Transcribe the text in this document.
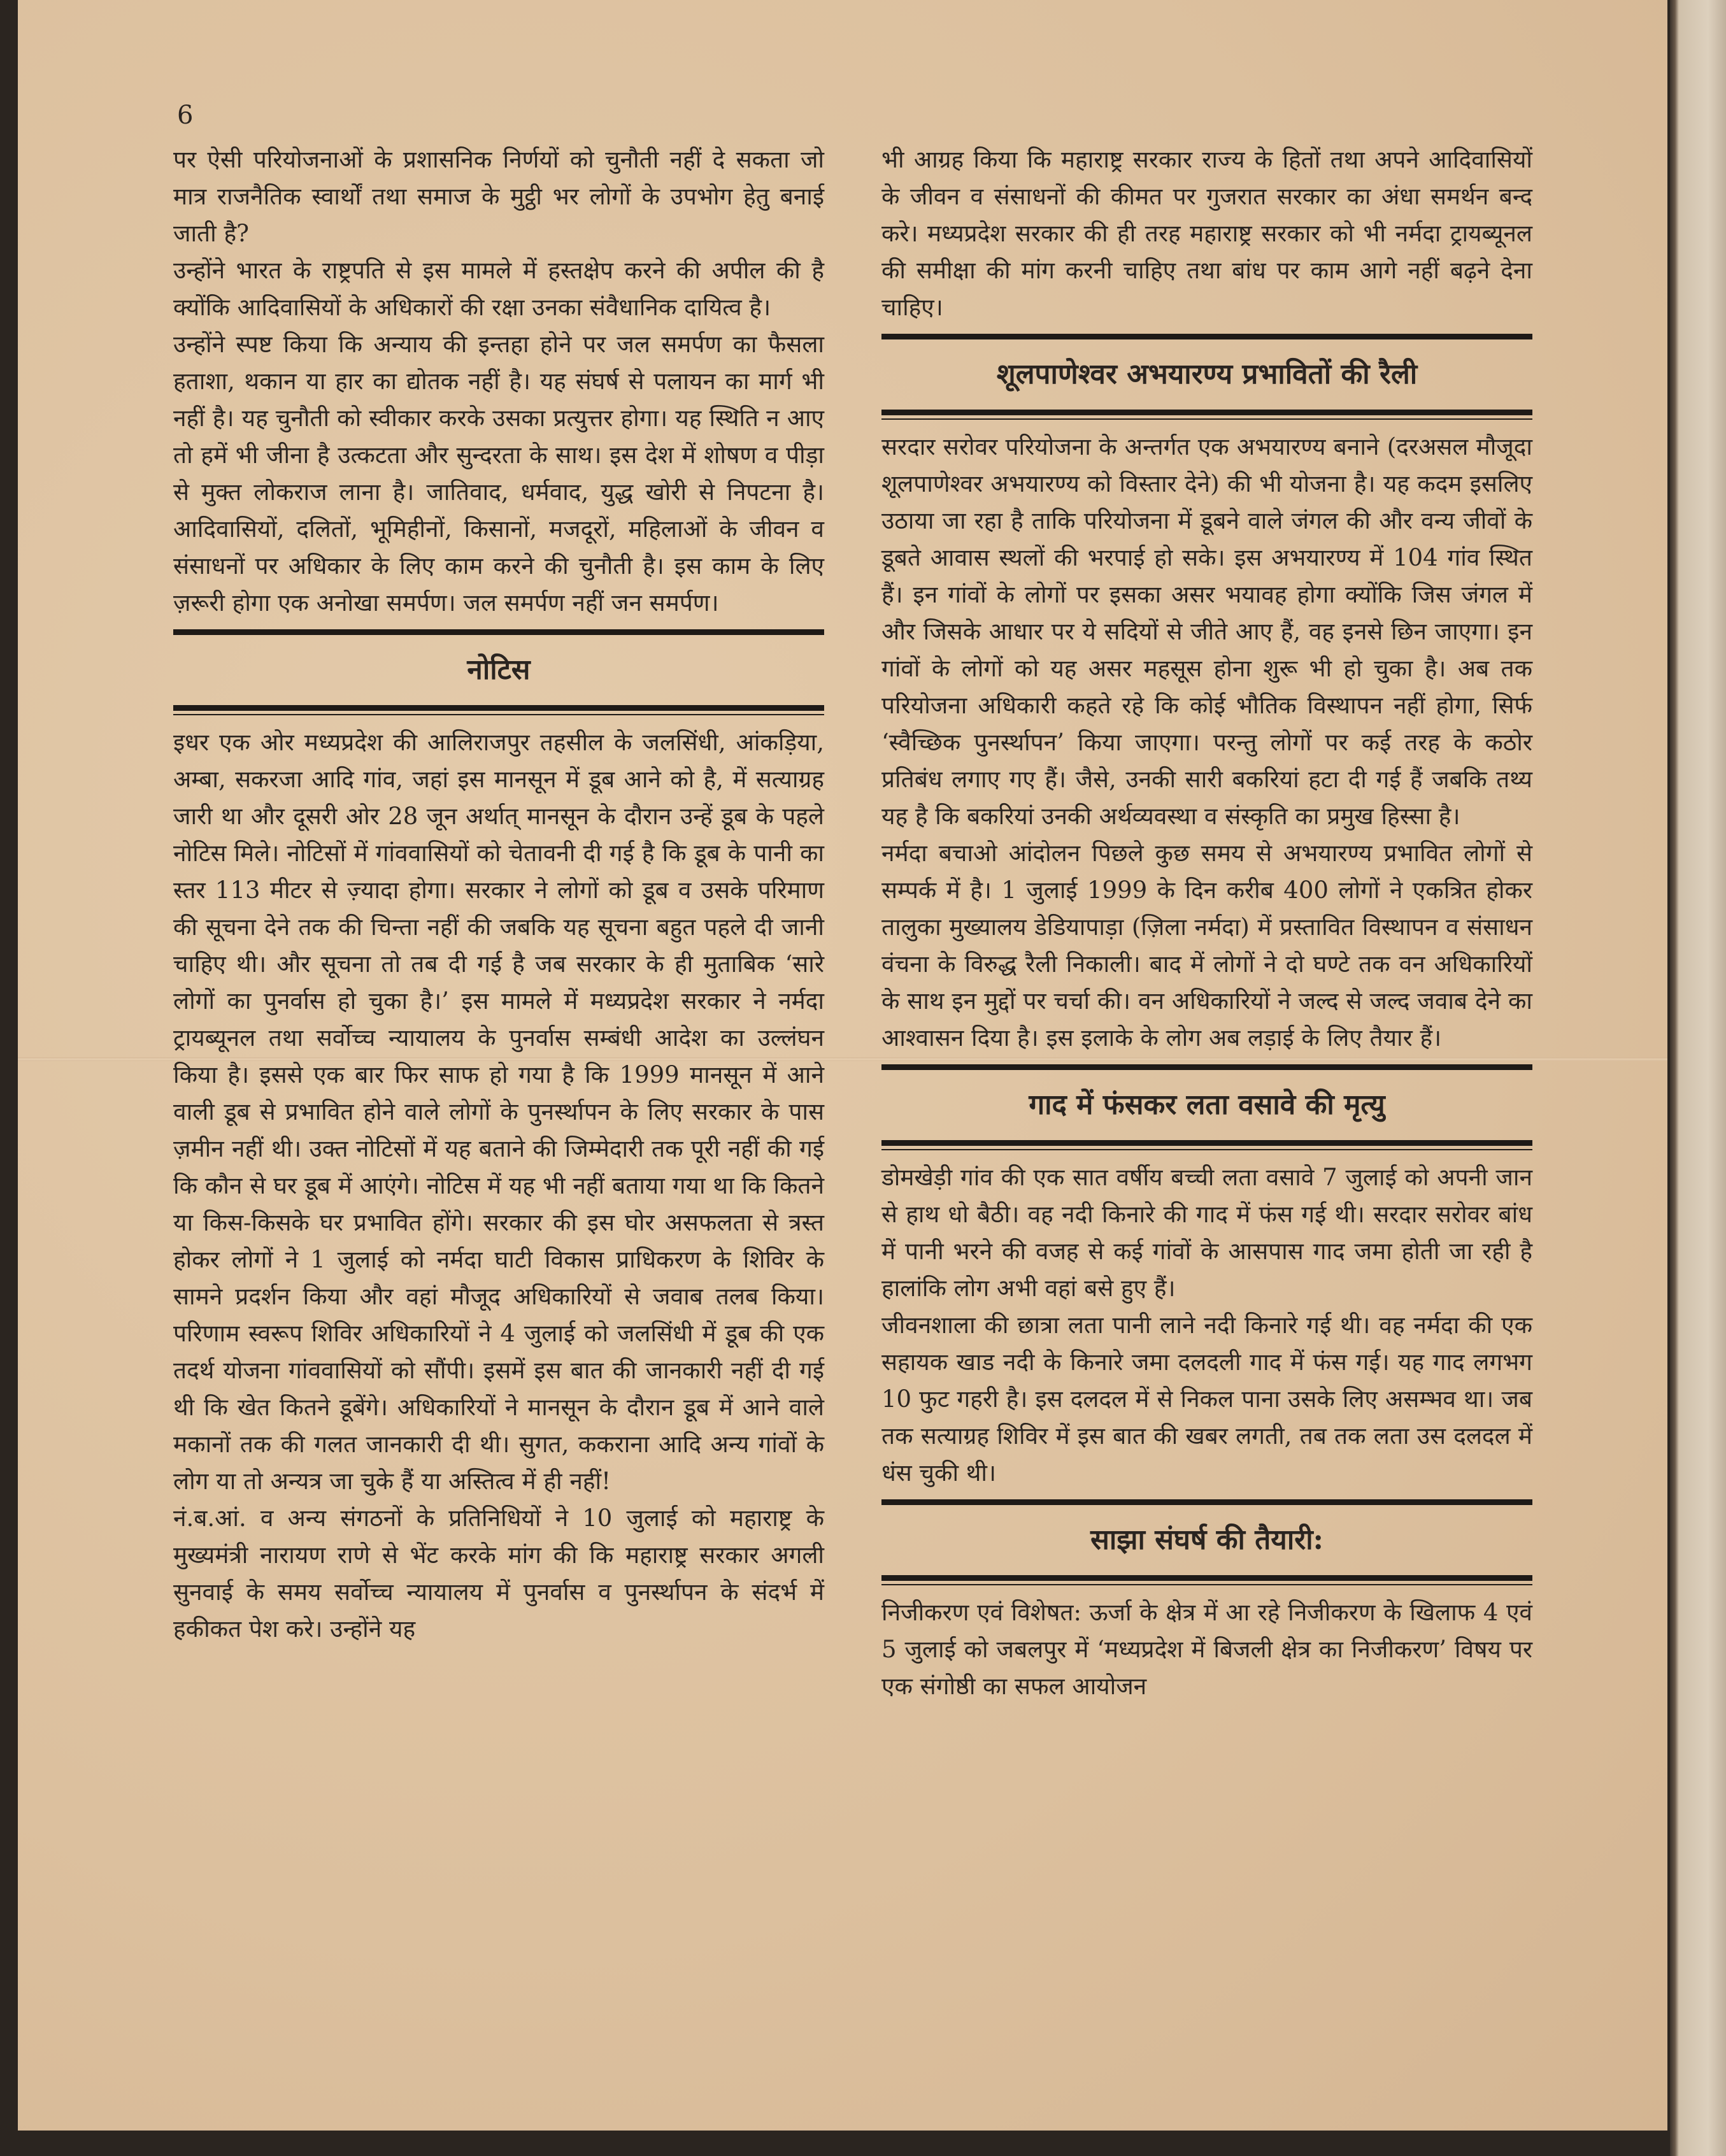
6

पर ऐसी परियोजनाओं के प्रशासनिक निर्णयों को चुनौती नहीं दे सकता जो मात्र राजनैतिक स्वार्थों तथा समाज के मुट्ठी भर लोगों के उपभोग हेतु बनाई जाती है?

उन्होंने भारत के राष्ट्रपति से इस मामले में हस्तक्षेप करने की अपील की है क्योंकि आदिवासियों के अधिकारों की रक्षा उनका संवैधानिक दायित्व है।

उन्होंने स्पष्ट किया कि अन्याय की इन्तहा होने पर जल समर्पण का फैसला हताशा, थकान या हार का द्योतक नहीं है। यह संघर्ष से पलायन का मार्ग भी नहीं है। यह चुनौती को स्वीकार करके उसका प्रत्युत्तर होगा। यह स्थिति न आए तो हमें भी जीना है उत्कटता और सुन्दरता के साथ। इस देश में शोषण व पीड़ा से मुक्त लोकराज लाना है। जातिवाद, धर्मवाद, युद्ध खोरी से निपटना है। आदिवासियों, दलितों, भूमिहीनों, किसानों, मजदूरों, महिलाओं के जीवन व संसाधनों पर अधिकार के लिए काम करने की चुनौती है। इस काम के लिए ज़रूरी होगा एक अनोखा समर्पण। जल समर्पण नहीं जन समर्पण।

नोटिस

इधर एक ओर मध्यप्रदेश की आलिराजपुर तहसील के जलसिंधी, आंकड़िया, अम्बा, सकरजा आदि गांव, जहां इस मानसून में डूब आने को है, में सत्याग्रह जारी था और दूसरी ओर 28 जून अर्थात् मानसून के दौरान उन्हें डूब के पहले नोटिस मिले। नोटिसों में गांववासियों को चेतावनी दी गई है कि डूब के पानी का स्तर 113 मीटर से ज़्यादा होगा। सरकार ने लोगों को डूब व उसके परिमाण की सूचना देने तक की चिन्ता नहीं की जबकि यह सूचना बहुत पहले दी जानी चाहिए थी। और सूचना तो तब दी गई है जब सरकार के ही मुताबिक ‘सारे लोगों का पुनर्वास हो चुका है।’ इस मामले में मध्यप्रदेश सरकार ने नर्मदा ट्रायब्यूनल तथा सर्वोच्च न्यायालय के पुनर्वास सम्बंधी आदेश का उल्लंघन किया है। इससे एक बार फिर साफ हो गया है कि 1999 मानसून में आने वाली डूब से प्रभावित होने वाले लोगों के पुनर्स्थापन के लिए सरकार के पास ज़मीन नहीं थी। उक्त नोटिसों में यह बताने की जिम्मेदारी तक पूरी नहीं की गई कि कौन से घर डूब में आएंगे। नोटिस में यह भी नहीं बताया गया था कि कितने या किस-किसके घर प्रभावित होंगे। सरकार की इस घोर असफलता से त्रस्त होकर लोगों ने 1 जुलाई को नर्मदा घाटी विकास प्राधिकरण के शिविर के सामने प्रदर्शन किया और वहां मौजूद अधिकारियों से जवाब तलब किया। परिणाम स्वरूप शिविर अधिकारियों ने 4 जुलाई को जलसिंधी में डूब की एक तदर्थ योजना गांववासियों को सौंपी। इसमें इस बात की जानकारी नहीं दी गई थी कि खेत कितने डूबेंगे। अधिकारियों ने मानसून के दौरान डूब में आने वाले मकानों तक की गलत जानकारी दी थी। सुगत, ककराना आदि अन्य गांवों के लोग या तो अन्यत्र जा चुके हैं या अस्तित्व में ही नहीं!

नं.ब.आं. व अन्य संगठनों के प्रतिनिधियों ने 10 जुलाई को महाराष्ट्र के मुख्यमंत्री नारायण राणे से भेंट करके मांग की कि महाराष्ट्र सरकार अगली सुनवाई के समय सर्वोच्च न्यायालय में पुनर्वास व पुनर्स्थापन के संदर्भ में हकीकत पेश करे। उन्होंने यह

भी आग्रह किया कि महाराष्ट्र सरकार राज्य के हितों तथा अपने आदिवासियों के जीवन व संसाधनों की कीमत पर गुजरात सरकार का अंधा समर्थन बन्द करे। मध्यप्रदेश सरकार की ही तरह महाराष्ट्र सरकार को भी नर्मदा ट्रायब्यूनल की समीक्षा की मांग करनी चाहिए तथा बांध पर काम आगे नहीं बढ़ने देना चाहिए।

शूलपाणेश्वर अभयारण्य प्रभावितों की रैली

सरदार सरोवर परियोजना के अन्तर्गत एक अभयारण्य बनाने (दरअसल मौजूदा शूलपाणेश्वर अभयारण्य को विस्तार देने) की भी योजना है। यह कदम इसलिए उठाया जा रहा है ताकि परियोजना में डूबने वाले जंगल की और वन्य जीवों के डूबते आवास स्थलों की भरपाई हो सके। इस अभयारण्य में 104 गांव स्थित हैं। इन गांवों के लोगों पर इसका असर भयावह होगा क्योंकि जिस जंगल में और जिसके आधार पर ये सदियों से जीते आए हैं, वह इनसे छिन जाएगा। इन गांवों के लोगों को यह असर महसूस होना शुरू भी हो चुका है। अब तक परियोजना अधिकारी कहते रहे कि कोई भौतिक विस्थापन नहीं होगा, सिर्फ ‘स्वैच्छिक पुनर्स्थापन’ किया जाएगा। परन्तु लोगों पर कई तरह के कठोर प्रतिबंध लगाए गए हैं। जैसे, उनकी सारी बकरियां हटा दी गई हैं जबकि तथ्य यह है कि बकरियां उनकी अर्थव्यवस्था व संस्कृति का प्रमुख हिस्सा है।

नर्मदा बचाओ आंदोलन पिछले कुछ समय से अभयारण्य प्रभावित लोगों से सम्पर्क में है। 1 जुलाई 1999 के दिन करीब 400 लोगों ने एकत्रित होकर तालुका मुख्यालय डेडियापाड़ा (ज़िला नर्मदा) में प्रस्तावित विस्थापन व संसाधन वंचना के विरुद्ध रैली निकाली। बाद में लोगों ने दो घण्टे तक वन अधिकारियों के साथ इन मुद्दों पर चर्चा की। वन अधिकारियों ने जल्द से जल्द जवाब देने का आश्वासन दिया है। इस इलाके के लोग अब लड़ाई के लिए तैयार हैं।

गाद में फंसकर लता वसावे की मृत्यु

डोमखेड़ी गांव की एक सात वर्षीय बच्ची लता वसावे 7 जुलाई को अपनी जान से हाथ धो बैठी। वह नदी किनारे की गाद में फंस गई थी। सरदार सरोवर बांध में पानी भरने की वजह से कई गांवों के आसपास गाद जमा होती जा रही है हालांकि लोग अभी वहां बसे हुए हैं।

जीवनशाला की छात्रा लता पानी लाने नदी किनारे गई थी। वह नर्मदा की एक सहायक खाड नदी के किनारे जमा दलदली गाद में फंस गई। यह गाद लगभग 10 फुट गहरी है। इस दलदल में से निकल पाना उसके लिए असम्भव था। जब तक सत्याग्रह शिविर में इस बात की खबर लगती, तब तक लता उस दलदल में धंस चुकी थी।

साझा संघर्ष की तैयारी:

निजीकरण एवं विशेषत: ऊर्जा के क्षेत्र में आ रहे निजीकरण के खिलाफ 4 एवं 5 जुलाई को जबलपुर में ‘मध्यप्रदेश में बिजली क्षेत्र का निजीकरण’ विषय पर एक संगोष्ठी का सफल आयोजन
